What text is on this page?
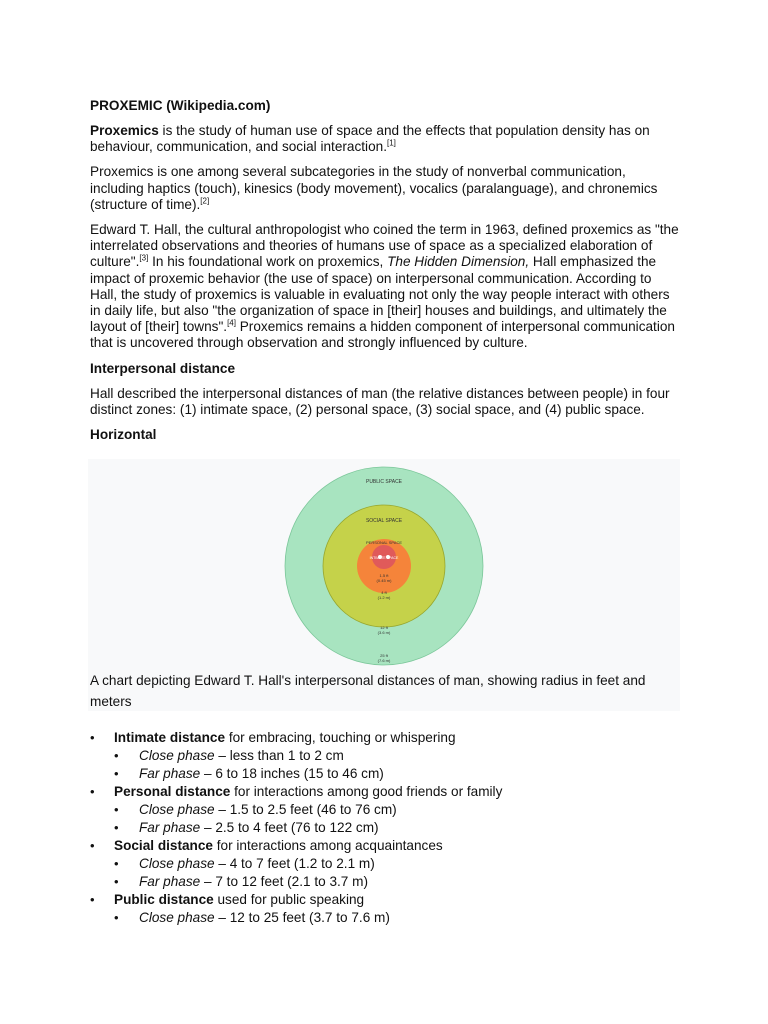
PROXEMIC (Wikipedia.com)

Proxemics is the study of human use of space and the effects that population density has on behaviour, communication, and social interaction.[1]

Proxemics is one among several subcategories in the study of nonverbal communication, including haptics (touch), kinesics (body movement), vocalics (paralanguage), and chronemics (structure of time).[2]

Edward T. Hall, the cultural anthropologist who coined the term in 1963, defined proxemics as "the interrelated observations and theories of humans use of space as a specialized elaboration of culture".[3] In his foundational work on proxemics, The Hidden Dimension, Hall emphasized the impact of proxemic behavior (the use of space) on interpersonal communication. According to Hall, the study of proxemics is valuable in evaluating not only the way people interact with others in daily life, but also "the organization of space in [their] houses and buildings, and ultimately the layout of [their] towns".[4] Proxemics remains a hidden component of interpersonal communication that is uncovered through observation and strongly influenced by culture.

Interpersonal distance

Hall described the interpersonal distances of man (the relative distances between people) in four distinct zones: (1) intimate space, (2) personal space, (3) social space, and (4) public space.

Horizontal
PUBLIC SPACE
SOCIAL SPACE
PERSONAL SPACE
INTIMATE SPACE
1.5 ft
(0.45 m)
4 ft
(1.2 m)
12 ft
(3.6 m)
25 ft
(7.6 m)
A chart depicting Edward T. Hall's interpersonal distances of man, showing radius in feet and meters
• Intimate distance for embracing, touching or whispering
• Close phase – less than 1 to 2 cm
• Far phase – 6 to 18 inches (15 to 46 cm)
• Personal distance for interactions among good friends or family
• Close phase – 1.5 to 2.5 feet (46 to 76 cm)
• Far phase – 2.5 to 4 feet (76 to 122 cm)
• Social distance for interactions among acquaintances
• Close phase – 4 to 7 feet (1.2 to 2.1 m)
• Far phase – 7 to 12 feet (2.1 to 3.7 m)
• Public distance used for public speaking
• Close phase – 12 to 25 feet (3.7 to 7.6 m)
